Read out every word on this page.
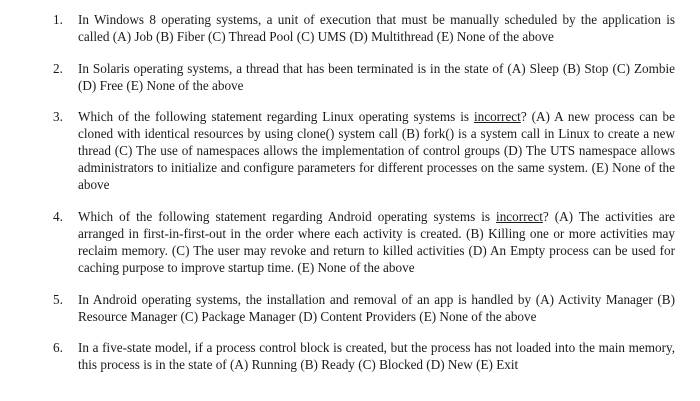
1. In Windows 8 operating systems, a unit of execution that must be manually scheduled by the application is called (A) Job (B) Fiber (C) Thread Pool (C) UMS (D) Multithread (E) None of the above
2. In Solaris operating systems, a thread that has been terminated is in the state of (A) Sleep (B) Stop (C) Zombie (D) Free (E) None of the above
3. Which of the following statement regarding Linux operating systems is incorrect? (A) A new process can be cloned with identical resources by using clone() system call (B) fork() is a system call in Linux to create a new thread (C) The use of namespaces allows the implementation of control groups (D) The UTS namespace allows administrators to initialize and configure parameters for different processes on the same system. (E) None of the above
4. Which of the following statement regarding Android operating systems is incorrect? (A) The activities are arranged in first-in-first-out in the order where each activity is created. (B) Killing one or more activities may reclaim memory. (C) The user may revoke and return to killed activities (D) An Empty process can be used for caching purpose to improve startup time. (E) None of the above
5. In Android operating systems, the installation and removal of an app is handled by (A) Activity Manager (B) Resource Manager (C) Package Manager (D) Content Providers (E) None of the above
6. In a five-state model, if a process control block is created, but the process has not loaded into the main memory, this process is in the state of (A) Running (B) Ready (C) Blocked (D) New (E) Exit
